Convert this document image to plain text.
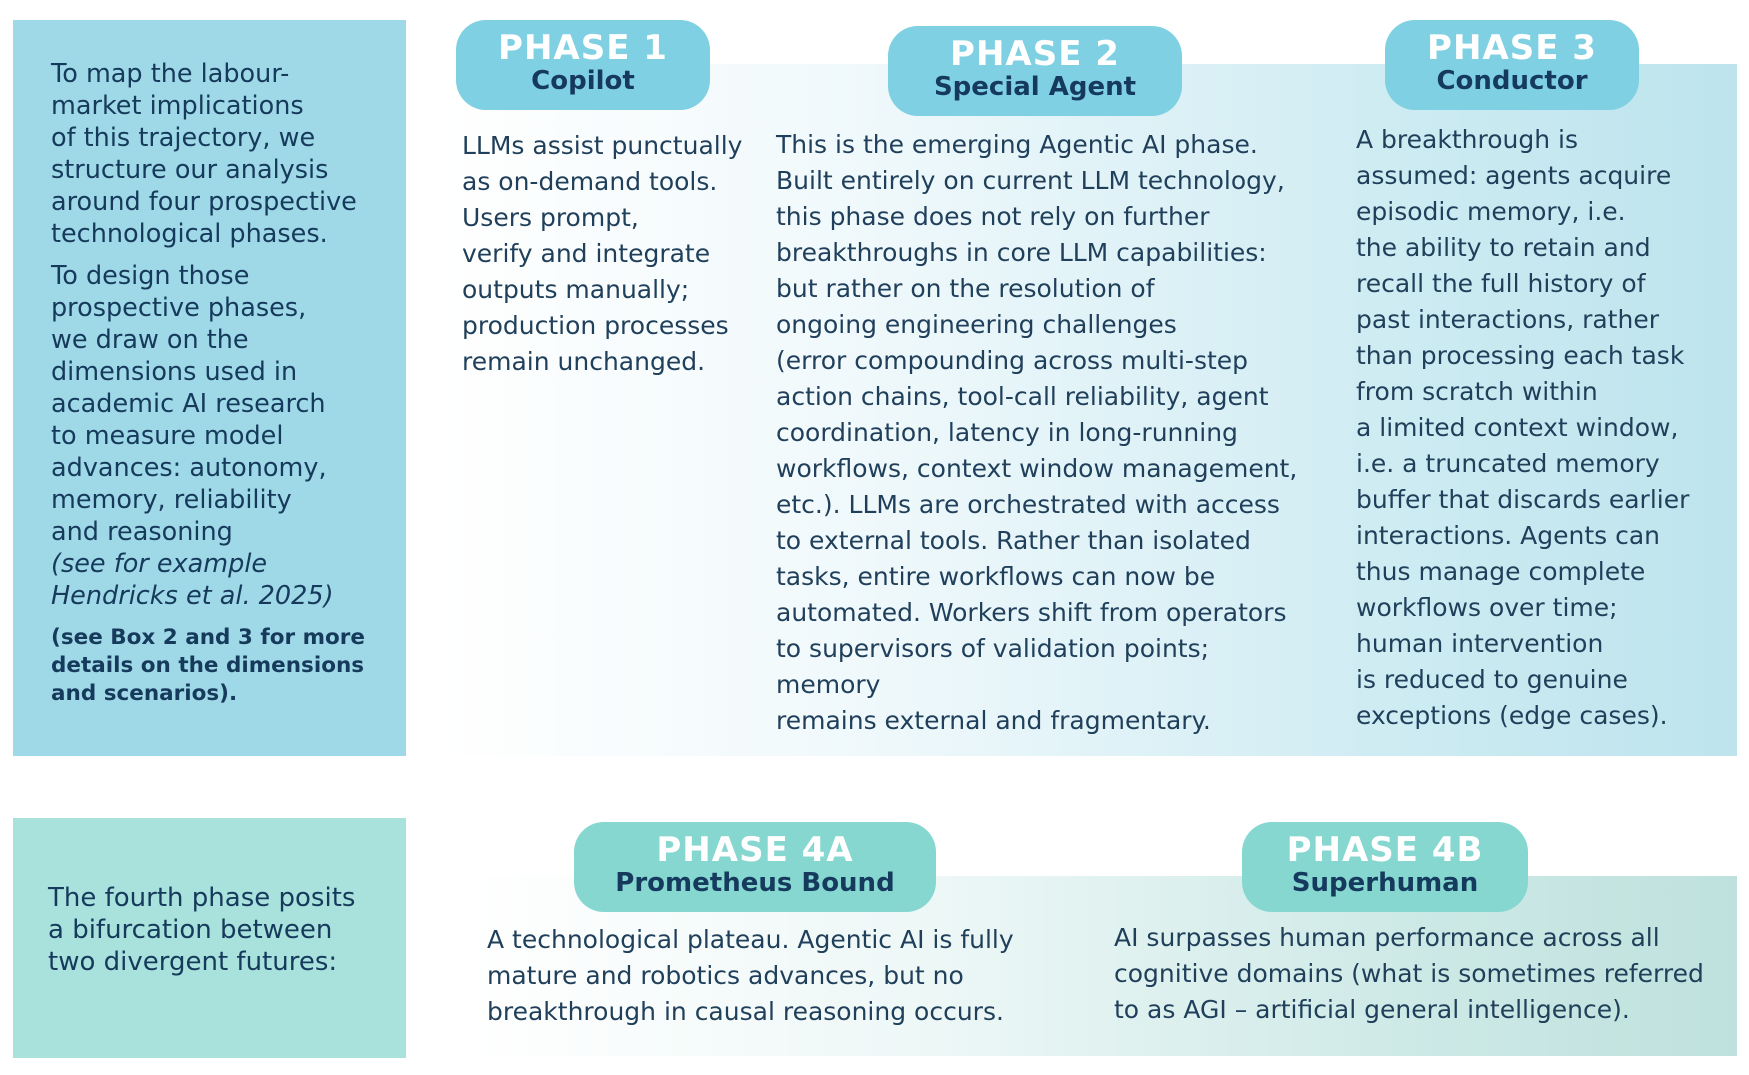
To map the labour-
market implications
of this trajectory, we
structure our analysis
around four prospective
technological phases.

To design those
prospective phases,
we draw on the
dimensions used in
academic AI research
to measure model
advances: autonomy,
memory, reliability
and reasoning

(see for example
Hendricks et al. 2025)

(see Box 2 and 3 for more
details on the dimensions
and scenarios).

PHASE 1
Copilot

LLMs assist punctually
as on-demand tools.
Users prompt,
verify and integrate
outputs manually;
production processes
remain unchanged.

PHASE 2
Special Agent

This is the emerging Agentic AI phase.
Built entirely on current LLM technology,
this phase does not rely on further
breakthroughs in core LLM capabilities:
but rather on the resolution of
ongoing engineering challenges
(error compounding across multi-step
action chains, tool-call reliability, agent
coordination, latency in long-running
workflows, context window management,
etc.). LLMs are orchestrated with access
to external tools. Rather than isolated
tasks, entire workflows can now be
automated. Workers shift from operators
to supervisors of validation points; memory
remains external and fragmentary.

PHASE 3
Conductor

A breakthrough is
assumed: agents acquire
episodic memory, i.e.
the ability to retain and
recall the full history of
past interactions, rather
than processing each task
from scratch within
a limited context window,
i.e. a truncated memory
buffer that discards earlier
interactions. Agents can
thus manage complete
workflows over time;
human intervention
is reduced to genuine
exceptions (edge cases).

The fourth phase posits
a bifurcation between
two divergent futures:

PHASE 4A
Prometheus Bound

A technological plateau. Agentic AI is fully
mature and robotics advances, but no
breakthrough in causal reasoning occurs.

PHASE 4B
Superhuman

AI surpasses human performance across all
cognitive domains (what is sometimes referred
to as AGI – artificial general intelligence).
